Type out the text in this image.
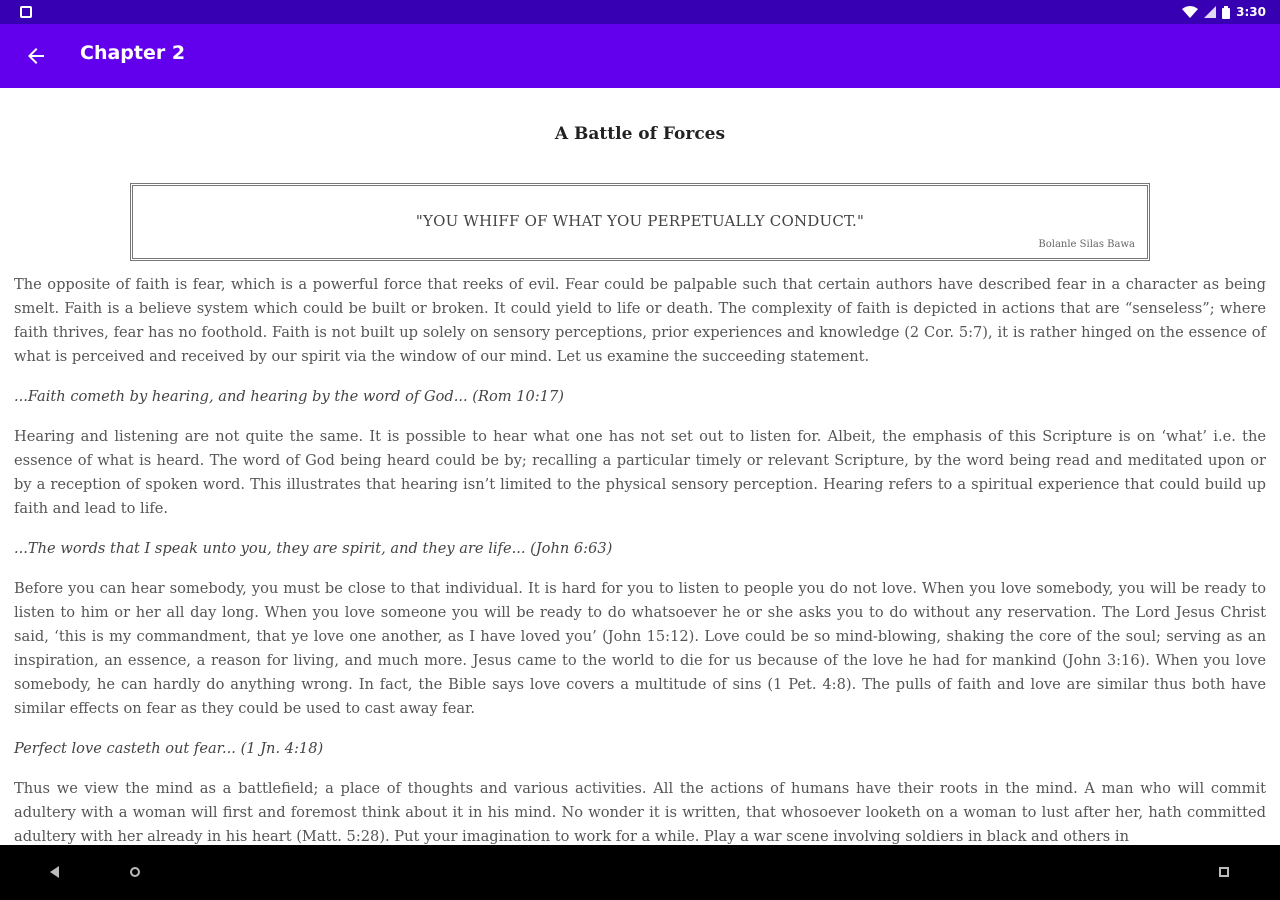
3:30
Chapter 2
A Battle of Forces
"YOU WHIFF OF WHAT YOU PERPETUALLY CONDUCT."
Bolanle Silas Bawa

The opposite of faith is fear, which is a powerful force that reeks of evil. Fear could be palpable such that certain authors have described fear in a character as being smelt. Faith is a believe system which could be built or broken. It could yield to life or death. The complexity of faith is depicted in actions that are “senseless”; where faith thrives, fear has no foothold. Faith is not built up solely on sensory perceptions, prior experiences and knowledge (2 Cor. 5:7), it is rather hinged on the essence of what is perceived and received by our spirit via the window of our mind. Let us examine the succeeding statement.

...Faith cometh by hearing, and hearing by the word of God... (Rom 10:17)

Hearing and listening are not quite the same. It is possible to hear what one has not set out to listen for. Albeit, the emphasis of this Scripture is on ‘what’ i.e. the essence of what is heard. The word of God being heard could be by; recalling a particular timely or relevant Scripture, by the word being read and meditated upon or by a reception of spoken word. This illustrates that hearing isn’t limited to the physical sensory perception. Hearing refers to a spiritual experience that could build up faith and lead to life.

...The words that I speak unto you, they are spirit, and they are life... (John 6:63)

Before you can hear somebody, you must be close to that individual. It is hard for you to listen to people you do not love. When you love somebody, you will be ready to listen to him or her all day long. When you love someone you will be ready to do whatsoever he or she asks you to do without any reservation. The Lord Jesus Christ said, ‘this is my commandment, that ye love one another, as I have loved you’ (John 15:12). Love could be so mind-blowing, shaking the core of the soul; serving as an inspiration, an essence, a reason for living, and much more. Jesus came to the world to die for us because of the love he had for mankind (John 3:16). When you love somebody, he can hardly do anything wrong. In fact, the Bible says love covers a multitude of sins (1 Pet. 4:8). The pulls of faith and love are similar thus both have similar effects on fear as they could be used to cast away fear.

Perfect love casteth out fear... (1 Jn. 4:18)

Thus we view the mind as a battlefield; a place of thoughts and various activities. All the actions of humans have their roots in the mind. A man who will commit adultery with a woman will first and foremost think about it in his mind. No wonder it is written, that whosoever looketh on a woman to lust after her, hath committed adultery with her already in his heart (Matt. 5:28). Put your imagination to work for a while. Play a war scene involving soldiers in black and others in
